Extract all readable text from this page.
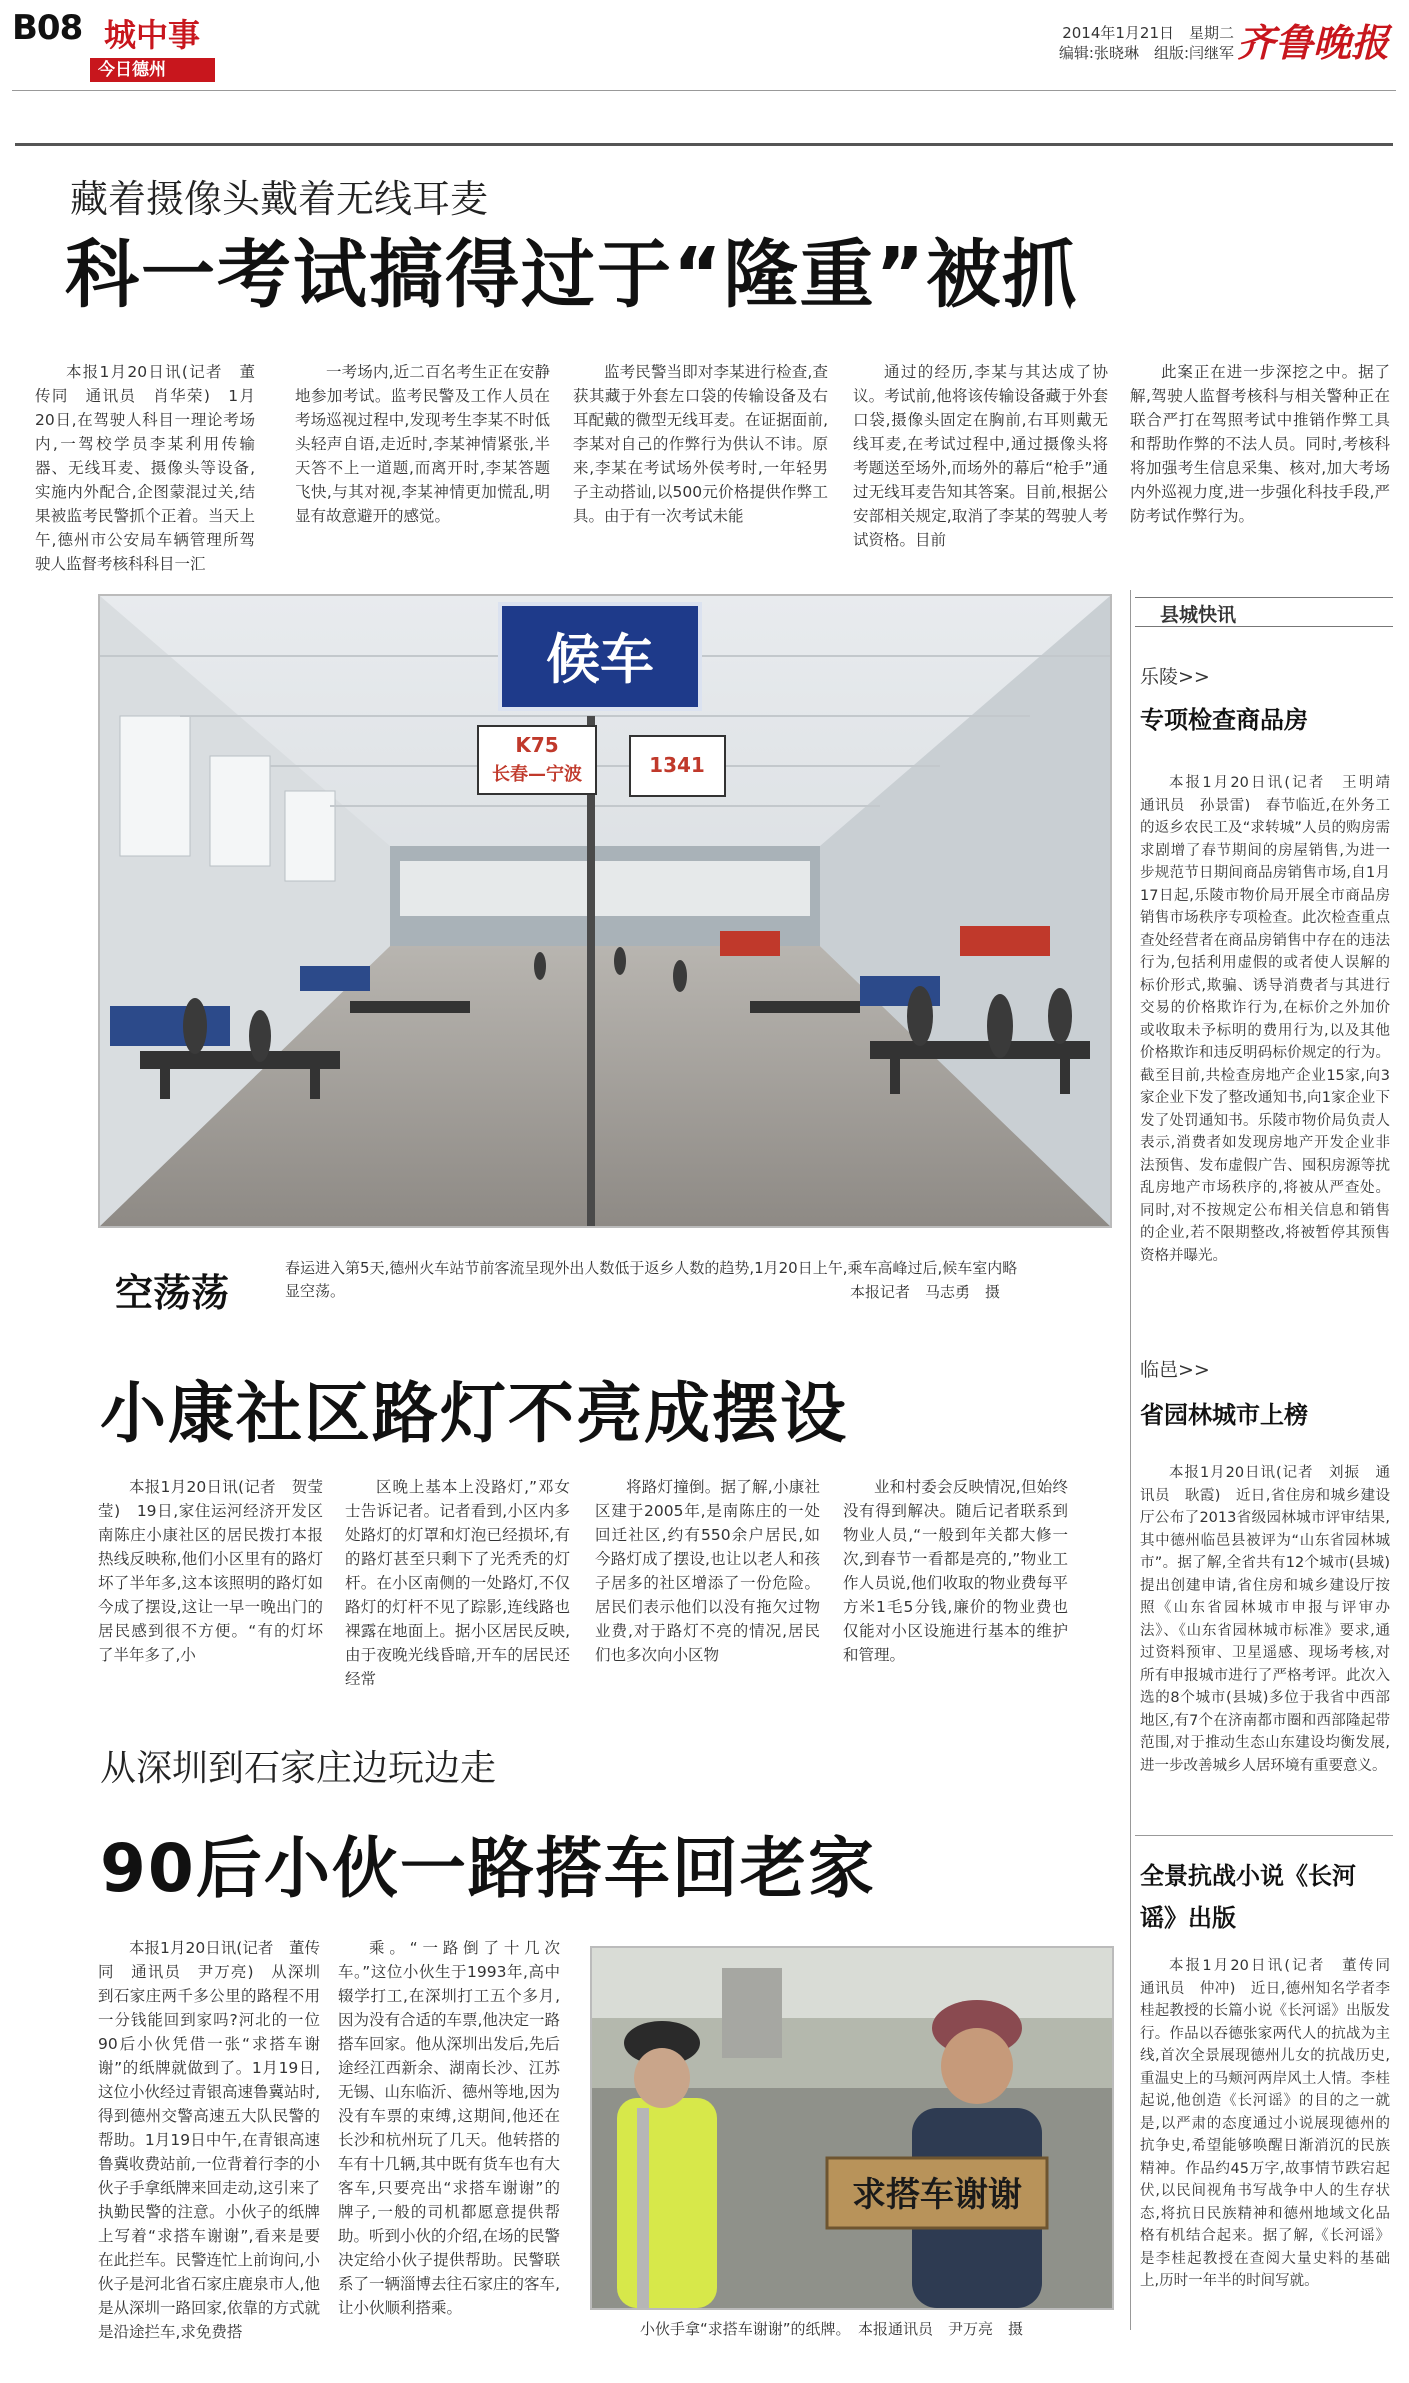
B08 城中事
今日德州
2014年1月21日　星期二
编辑:张晓琳　组版:闫继军 齐鲁晚报
藏着摄像头戴着无线耳麦
科一考试搞得过于“隆重”被抓

本报1月20日讯(记者　董传同　通讯员　肖华荣)　1月20日,在驾驶人科目一理论考场内,一驾校学员李某利用传输器、无线耳麦、摄像头等设备,实施内外配合,企图蒙混过关,结果被监考民警抓个正着。当天上午,德州市公安局车辆管理所驾驶人监督考核科科目一汇

一考场内,近二百名考生正在安静地参加考试。监考民警及工作人员在考场巡视过程中,发现考生李某不时低头轻声自语,走近时,李某神情紧张,半天答不上一道题,而离开时,李某答题飞快,与其对视,李某神情更加慌乱,明显有故意避开的感觉。

监考民警当即对李某进行检查,查获其藏于外套左口袋的传输设备及右耳配戴的微型无线耳麦。在证据面前,李某对自己的作弊行为供认不讳。原来,李某在考试场外侯考时,一年轻男子主动搭讪,以500元价格提供作弊工具。由于有一次考试未能

通过的经历,李某与其达成了协议。考试前,他将该传输设备藏于外套口袋,摄像头固定在胸前,右耳则戴无线耳麦,在考试过程中,通过摄像头将考题送至场外,而场外的幕后“枪手”通过无线耳麦告知其答案。目前,根据公安部相关规定,取消了李某的驾驶人考试资格。目前

此案正在进一步深挖之中。据了解,驾驶人监督考核科与相关警种正在联合严打在驾照考试中推销作弊工具和帮助作弊的不法人员。同时,考核科将加强考生信息采集、核对,加大考场内外巡视力度,进一步强化科技手段,严防考试作弊行为。

候车
K75
长春—宁波	1341
空荡荡
春运进入第5天,德州火车站节前客流呈现外出人数低于返乡人数的趋势,1月20日上午,乘车高峰过后,候车室内略显空荡。	本报记者　马志勇　摄
小康社区路灯不亮成摆设

本报1月20日讯(记者　贺莹莹)　19日,家住运河经济开发区南陈庄小康社区的居民拨打本报热线反映称,他们小区里有的路灯坏了半年多,这本该照明的路灯如今成了摆设,这让一早一晚出门的居民感到很不方便。“有的灯坏了半年多了,小

区晚上基本上没路灯,”邓女士告诉记者。记者看到,小区内多处路灯的灯罩和灯泡已经损坏,有的路灯甚至只剩下了光秃秃的灯杆。在小区南侧的一处路灯,不仅路灯的灯杆不见了踪影,连线路也裸露在地面上。据小区居民反映,由于夜晚光线昏暗,开车的居民还经常

将路灯撞倒。据了解,小康社区建于2005年,是南陈庄的一处回迁社区,约有550余户居民,如今路灯成了摆设,也让以老人和孩子居多的社区增添了一份危险。居民们表示他们以没有拖欠过物业费,对于路灯不亮的情况,居民们也多次向小区物

业和村委会反映情况,但始终没有得到解决。随后记者联系到物业人员,“一般到年关都大修一次,到春节一看都是亮的,”物业工作人员说,他们收取的物业费每平方米1毛5分钱,廉价的物业费也仅能对小区设施进行基本的维护和管理。

从深圳到石家庄边玩边走
90后小伙一路搭车回老家

本报1月20日讯(记者　董传同　通讯员　尹万亮)　从深圳到石家庄两千多公里的路程不用一分钱能回到家吗?河北的一位90后小伙凭借一张“求搭车谢谢”的纸牌就做到了。1月19日,这位小伙经过青银高速鲁冀站时,得到德州交警高速五大队民警的帮助。1月19日中午,在青银高速鲁冀收费站前,一位背着行李的小伙子手拿纸牌来回走动,这引来了执勤民警的注意。小伙子的纸牌上写着“求搭车谢谢”,看来是要在此拦车。民警连忙上前询问,小伙子是河北省石家庄鹿泉市人,他是从深圳一路回家,依靠的方式就是沿途拦车,求免费搭

乘。“一路倒了十几次车。”这位小伙生于1993年,高中辍学打工,在深圳打工五个多月,因为没有合适的车票,他决定一路搭车回家。他从深圳出发后,先后途经江西新余、湖南长沙、江苏无锡、山东临沂、德州等地,因为没有车票的束缚,这期间,他还在长沙和杭州玩了几天。他转搭的车有十几辆,其中既有货车也有大客车,只要亮出“求搭车谢谢”的牌子,一般的司机都愿意提供帮助。听到小伙的介绍,在场的民警决定给小伙子提供帮助。民警联系了一辆淄博去往石家庄的客车,让小伙顺利搭乘。

求搭车谢谢
小伙手拿“求搭车谢谢”的纸牌。　本报通讯员　尹万亮　摄
县城快讯
乐陵>>
专项检查商品房

本报1月20日讯(记者　王明靖　通讯员　孙景雷)　春节临近,在外务工的返乡农民工及“求转城”人员的购房需求剧增了春节期间的房屋销售,为进一步规范节日期间商品房销售市场,自1月17日起,乐陵市物价局开展全市商品房销售市场秩序专项检查。此次检查重点查处经营者在商品房销售中存在的违法行为,包括利用虚假的或者使人误解的标价形式,欺骗、诱导消费者与其进行交易的价格欺诈行为,在标价之外加价或收取未予标明的费用行为,以及其他价格欺诈和违反明码标价规定的行为。截至目前,共检查房地产企业15家,向3家企业下发了整改通知书,向1家企业下发了处罚通知书。乐陵市物价局负责人表示,消费者如发现房地产开发企业非法预售、发布虚假广告、囤积房源等扰乱房地产市场秩序的,将被从严查处。同时,对不按规定公布相关信息和销售的企业,若不限期整改,将被暂停其预售资格并曝光。

临邑>>
省园林城市上榜

本报1月20日讯(记者　刘振　通讯员　耿霞)　近日,省住房和城乡建设厅公布了2013省级园林城市评审结果,其中德州临邑县被评为“山东省园林城市”。据了解,全省共有12个城市(县城)提出创建申请,省住房和城乡建设厅按照《山东省园林城市申报与评审办法》、《山东省园林城市标准》要求,通过资料预审、卫星遥感、现场考核,对所有申报城市进行了严格考评。此次入选的8个城市(县城)多位于我省中西部地区,有7个在济南都市圈和西部隆起带范围,对于推动生态山东建设均衡发展,进一步改善城乡人居环境有重要意义。

全景抗战小说《长河谣》出版

本报1月20日讯(记者　董传同　通讯员　仲冲)　近日,德州知名学者李桂起教授的长篇小说《长河谣》出版发行。作品以吞德张家两代人的抗战为主线,首次全景展现德州儿女的抗战历史,重温史上的马颊河两岸风土人情。李桂起说,他创造《长河谣》的目的之一就是,以严肃的态度通过小说展现德州的抗争史,希望能够唤醒日渐消沉的民族精神。作品约45万字,故事情节跌宕起伏,以民间视角书写战争中人的生存状态,将抗日民族精神和德州地域文化品格有机结合起来。据了解,《长河谣》是李桂起教授在查阅大量史料的基础上,历时一年半的时间写就。
